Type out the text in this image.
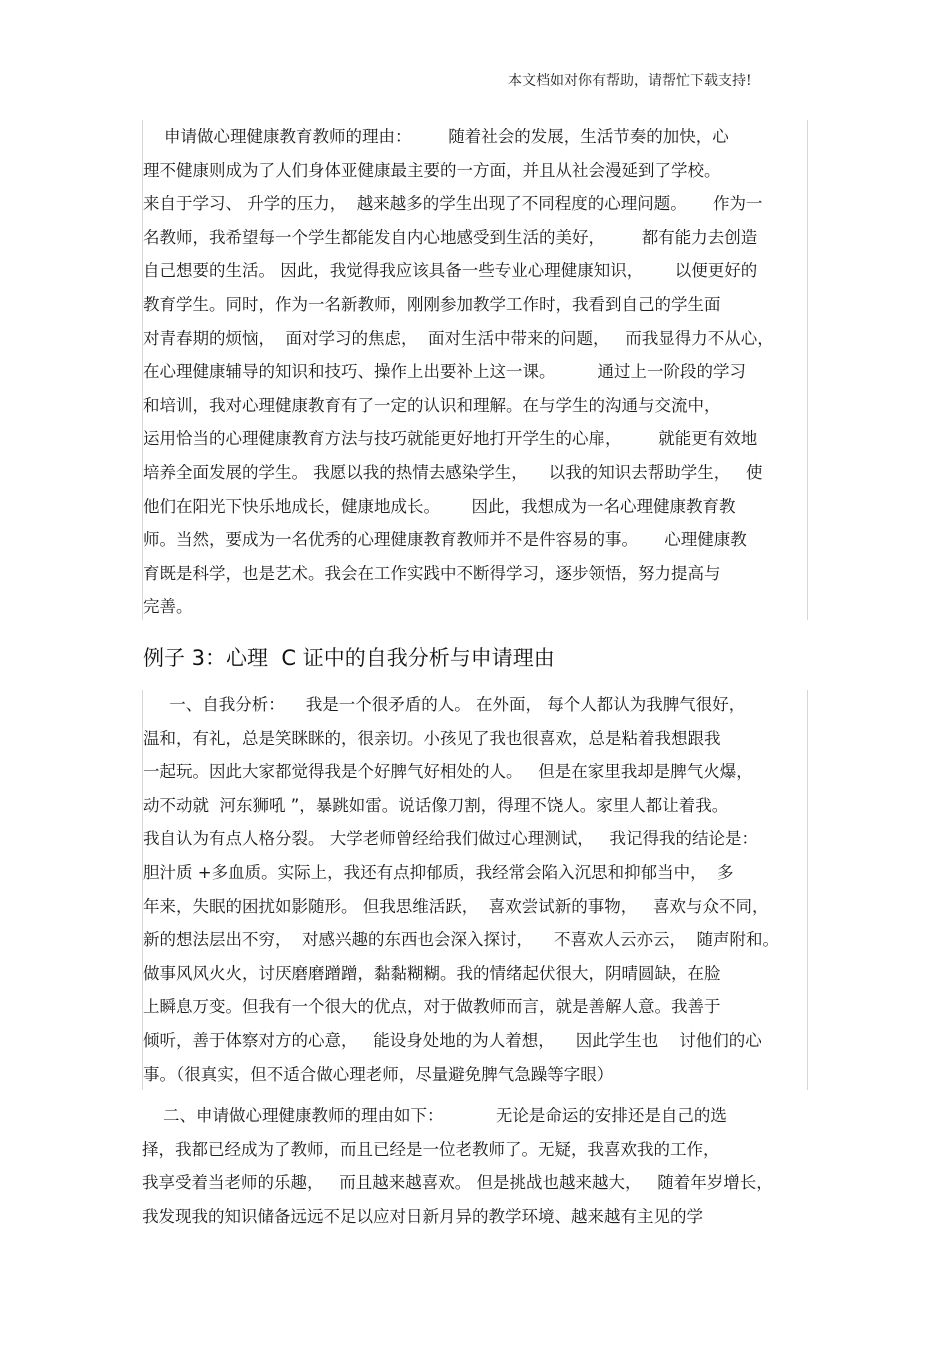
本文档如对你有帮助，请帮忙下载支持!
申请做心理健康教育教师的理由：       随着社会的发展，生活节奏的加快，心
理不健康则成为了人们身体亚健康最主要的一方面，并且从社会漫延到了学校。
来自于学习、 升学的压力，  越来越多的学生出现了不同程度的心理问题。     作为一
名教师，我希望每一个学生都能发自内心地感受到生活的美好，       都有能力去创造
自己想要的生活。 因此，我觉得我应该具备一些专业心理健康知识，      以便更好的
教育学生。同时，作为一名新教师，刚刚参加教学工作时，我看到自己的学生面
对青春期的烦恼，  面对学习的焦虑，  面对生活中带来的问题，   而我显得力不从心，
在心理健康辅导的知识和技巧、操作上出要补上这一课。        通过上一阶段的学习
和培训，我对心理健康教育有了一定的认识和理解。在与学生的沟通与交流中，
运用恰当的心理健康教育方法与技巧就能更好地打开学生的心扉，       就能更有效地
培养全面发展的学生。 我愿以我的热情去感染学生，    以我的知识去帮助学生，   使
他们在阳光下快乐地成长，健康地成长。      因此，我想成为一名心理健康教育教
师。当然，要成为一名优秀的心理健康教育教师并不是件容易的事。     心理健康教
育既是科学，也是艺术。我会在工作实践中不断得学习，逐步领悟，努力提高与
完善。
例子 3：心理  C 证中的自我分析与申请理由
一、自我分析：    我是一个很矛盾的人。 在外面， 每个人都认为我脾气很好，
温和，有礼，总是笑眯眯的，很亲切。小孩见了我也很喜欢，总是粘着我想跟我
一起玩。因此大家都觉得我是个好脾气好相处的人。   但是在家里我却是脾气火爆，
动不动就  河东狮吼 ”，暴跳如雷。说话像刀割，得理不饶人。家里人都让着我。
我自认为有点人格分裂。 大学老师曾经给我们做过心理测试，   我记得我的结论是：
胆汁质 +多血质。实际上，我还有点抑郁质，我经常会陷入沉思和抑郁当中，  多
年来，失眠的困扰如影随形。 但我思维活跃，  喜欢尝试新的事物，   喜欢与众不同，
新的想法层出不穷，  对感兴趣的东西也会深入探讨，    不喜欢人云亦云，  随声附和。
做事风风火火，讨厌磨磨蹭蹭，黏黏糊糊。我的情绪起伏很大，阴晴圆缺，在脸
上瞬息万变。但我有一个很大的优点，对于做教师而言，就是善解人意。我善于
倾听，善于体察对方的心意，   能设身处地的为人着想，    因此学生也    讨他们的心
事。（很真实，但不适合做心理老师，尽量避免脾气急躁等字眼）
二、申请做心理健康教师的理由如下：          无论是命运的安排还是自己的选
择，我都已经成为了教师，而且已经是一位老教师了。无疑，我喜欢我的工作，
我享受着当老师的乐趣，   而且越来越喜欢。 但是挑战也越来越大，   随着年岁增长，
我发现我的知识储备远远不足以应对日新月异的教学环境、越来越有主见的学
